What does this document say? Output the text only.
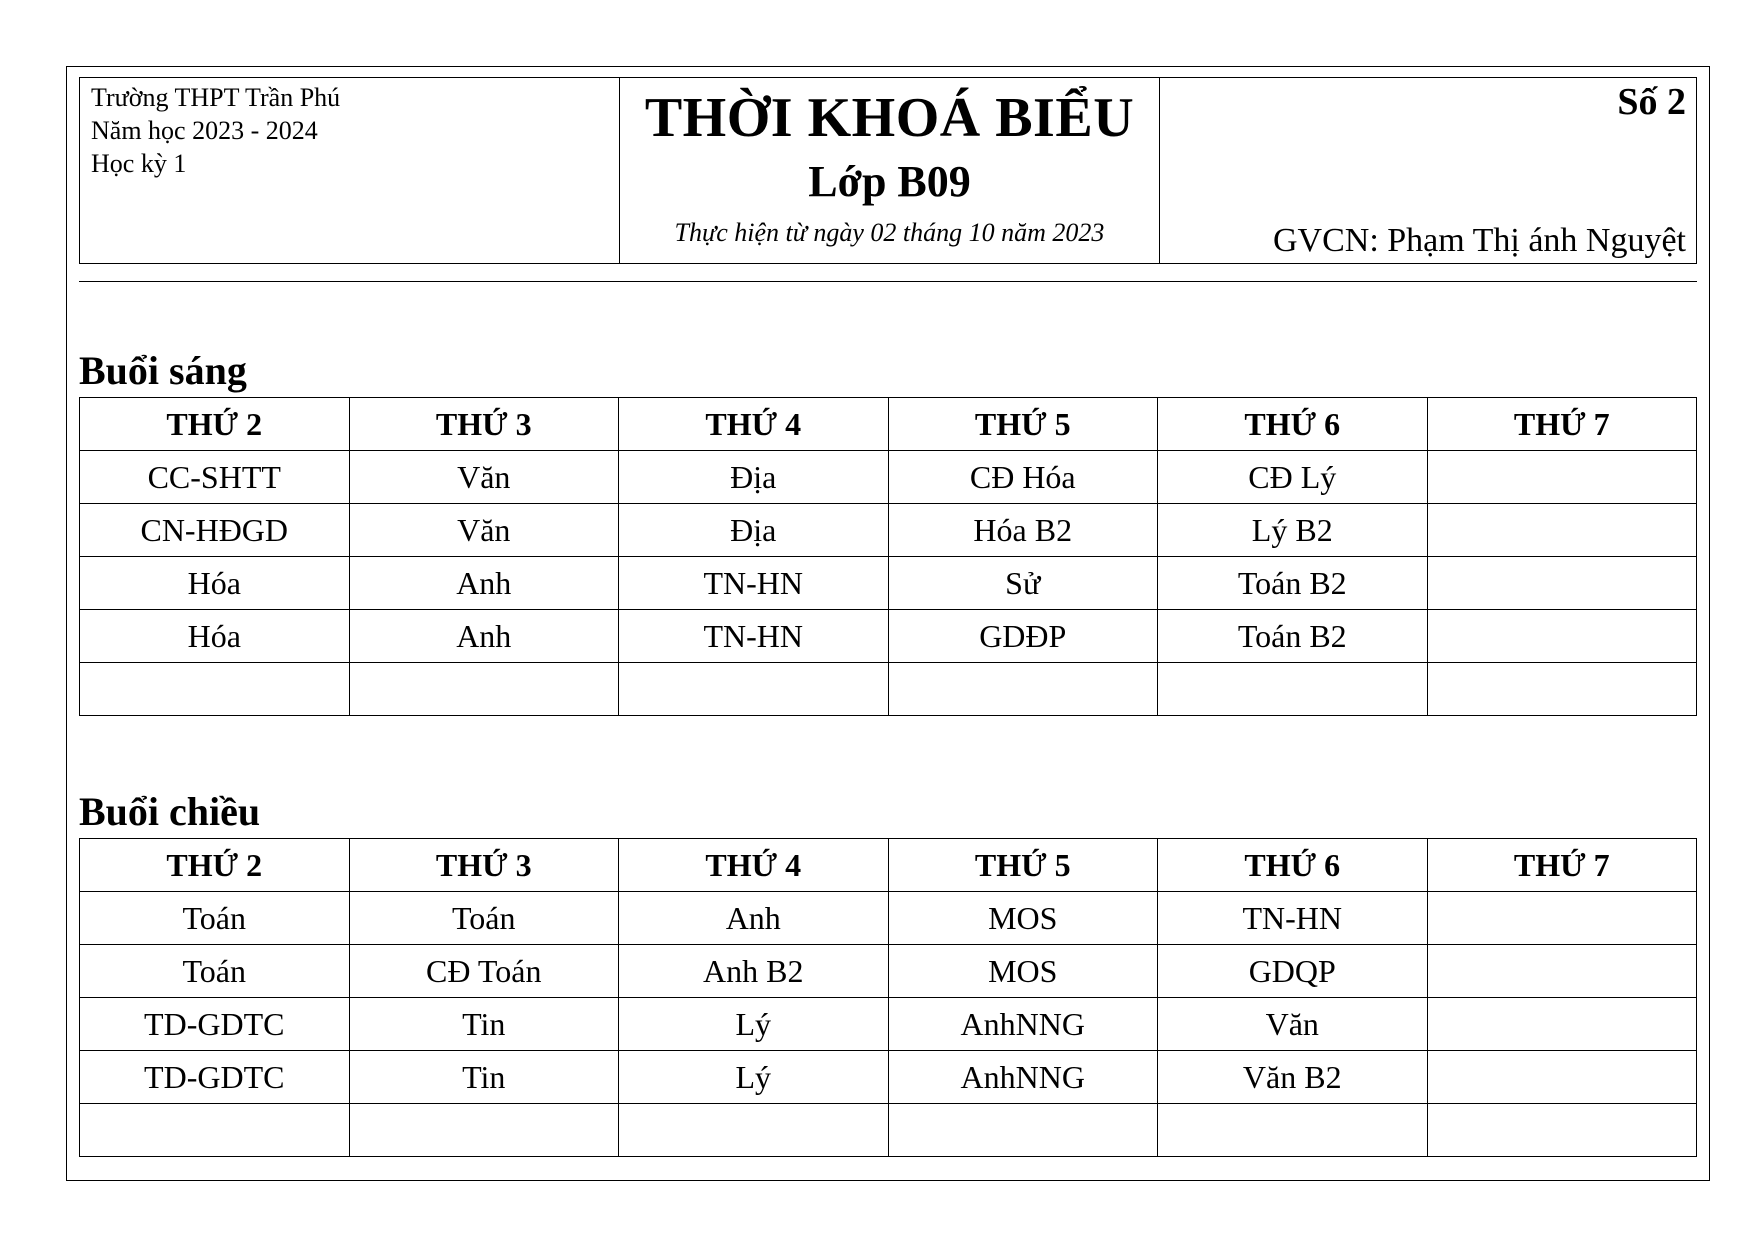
Trường THPT Trần Phú
Năm học 2023 - 2024
Học kỳ 1
THỜI KHOÁ BIỂU
Lớp B09
Thực hiện từ ngày 02 tháng 10 năm 2023
Số 2
GVCN: Phạm Thị ánh Nguyệt
Buổi sáng
THỨ 2	THỨ 3	THỨ 4	THỨ 5	THỨ 6	THỨ 7
CC-SHTT	Văn	Địa	CĐ Hóa	CĐ Lý	
CN-HĐGD	Văn	Địa	Hóa B2	Lý B2	
Hóa	Anh	TN-HN	Sử	Toán B2	
Hóa	Anh	TN-HN	GDĐP	Toán B2	

Buổi chiều
THỨ 2	THỨ 3	THỨ 4	THỨ 5	THỨ 6	THỨ 7
Toán	Toán	Anh	MOS	TN-HN	
Toán	CĐ Toán	Anh B2	MOS	GDQP	
TD-GDTC	Tin	Lý	AnhNNG	Văn	
TD-GDTC	Tin	Lý	AnhNNG	Văn B2	
